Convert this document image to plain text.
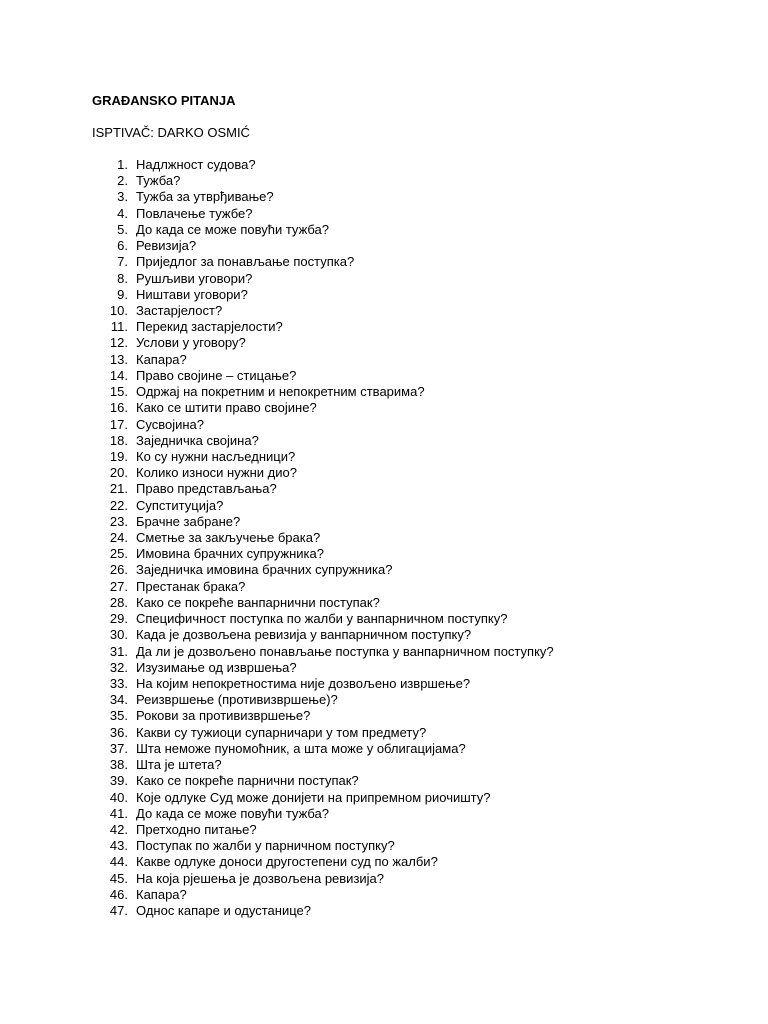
GRAĐANSKO PITANJA

ISPTIVAČ: DARKO OSMIĆ

1. Надлжност судова?
2. Тужба?
3. Тужба за утврђивање?
4. Повлачење тужбе?
5. До када се може повући тужба?
6. Ревизија?
7. Приједлог за понављање поступка?
8. Рушљиви уговори?
9. Ништави уговори?
10. Застарјелост?
11. Перекид застарјелости?
12. Услови у уговору?
13. Капара?
14. Право својине – стицање?
15. Одржај на покретним и непокретним стварима?
16. Како се штити право својине?
17. Сусвојина?
18. Заједничка својина?
19. Ко су нужни насљедници?
20. Колико износи нужни дио?
21. Право представљања?
22. Супституција?
23. Брачне забране?
24. Сметње за закључење брака?
25. Имовина брачних супружника?
26. Заједничка имовина брачних супружника?
27. Престанак брака?
28. Како се покреће ванпарнични поступак?
29. Специфичност поступка по жалби у ванпарничном поступку?
30. Када је дозвољена ревизија у ванпарничном поступку?
31. Да ли је дозвољено понављање поступка у ванпарничном поступку?
32. Изузимање од извршења?
33. На којим непокретностима није дозвољено извршење?
34. Реизвршење (противизвршење)?
35. Рокови за противизвршење?
36. Какви су тужиоци супарничари у том предмету?
37. Шта неможе пуномоћник, а шта може у облигацијама?
38. Шта је штета?
39. Како се покреће парнични поступак?
40. Које одлуке Суд може донијети на припремном риочишту?
41. До када се може повући тужба?
42. Претходно питање?
43. Поступак по жалби у парничном поступку?
44. Какве одлуке доноси другостепени суд по жалби?
45. На која рјешења је дозвољена ревизија?
46. Капара?
47. Однос капаре и одустанице?
